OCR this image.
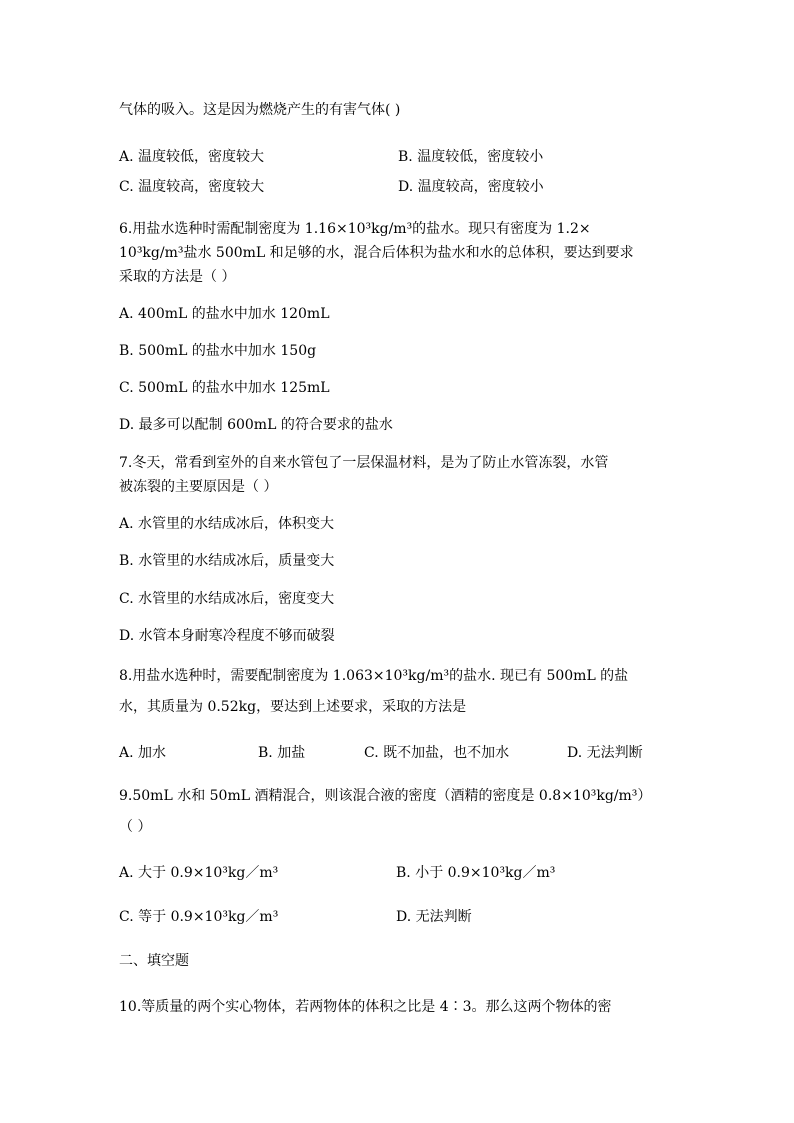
气体的吸入。这是因为燃烧产生的有害气体( )
A. 温度较低，密度较大	B. 温度较低，密度较小
C. 温度较高，密度较大	D. 温度较高，密度较小
6.用盐水选种时需配制密度为 1.16×10³kg/m³的盐水。现只有密度为 1.2×
10³kg/m³盐水 500mL 和足够的水，混合后体积为盐水和水的总体积，要达到要求
采取的方法是（ ）
A. 400mL 的盐水中加水 120mL
B. 500mL 的盐水中加水 150g
C. 500mL 的盐水中加水 125mL
D. 最多可以配制 600mL 的符合要求的盐水
7.冬天，常看到室外的自来水管包了一层保温材料，是为了防止水管冻裂，水管
被冻裂的主要原因是（ ）
A. 水管里的水结成冰后，体积变大
B. 水管里的水结成冰后，质量变大
C. 水管里的水结成冰后，密度变大
D. 水管本身耐寒冷程度不够而破裂
8.用盐水选种时，需要配制密度为 1.063×10³kg/m³的盐水. 现已有 500mL 的盐
水，其质量为 0.52kg，要达到上述要求，采取的方法是
A. 加水	B. 加盐	C. 既不加盐，也不加水	D. 无法判断
9.50mL 水和 50mL 酒精混合，则该混合液的密度（酒精的密度是 0.8×10³kg/m³）
（ ）
A. 大于 0.9×10³kg／m³	B. 小于 0.9×10³kg／m³
C. 等于 0.9×10³kg／m³	D. 无法判断
二、填空题
10.等质量的两个实心物体，若两物体的体积之比是 4∶3。那么这两个物体的密
